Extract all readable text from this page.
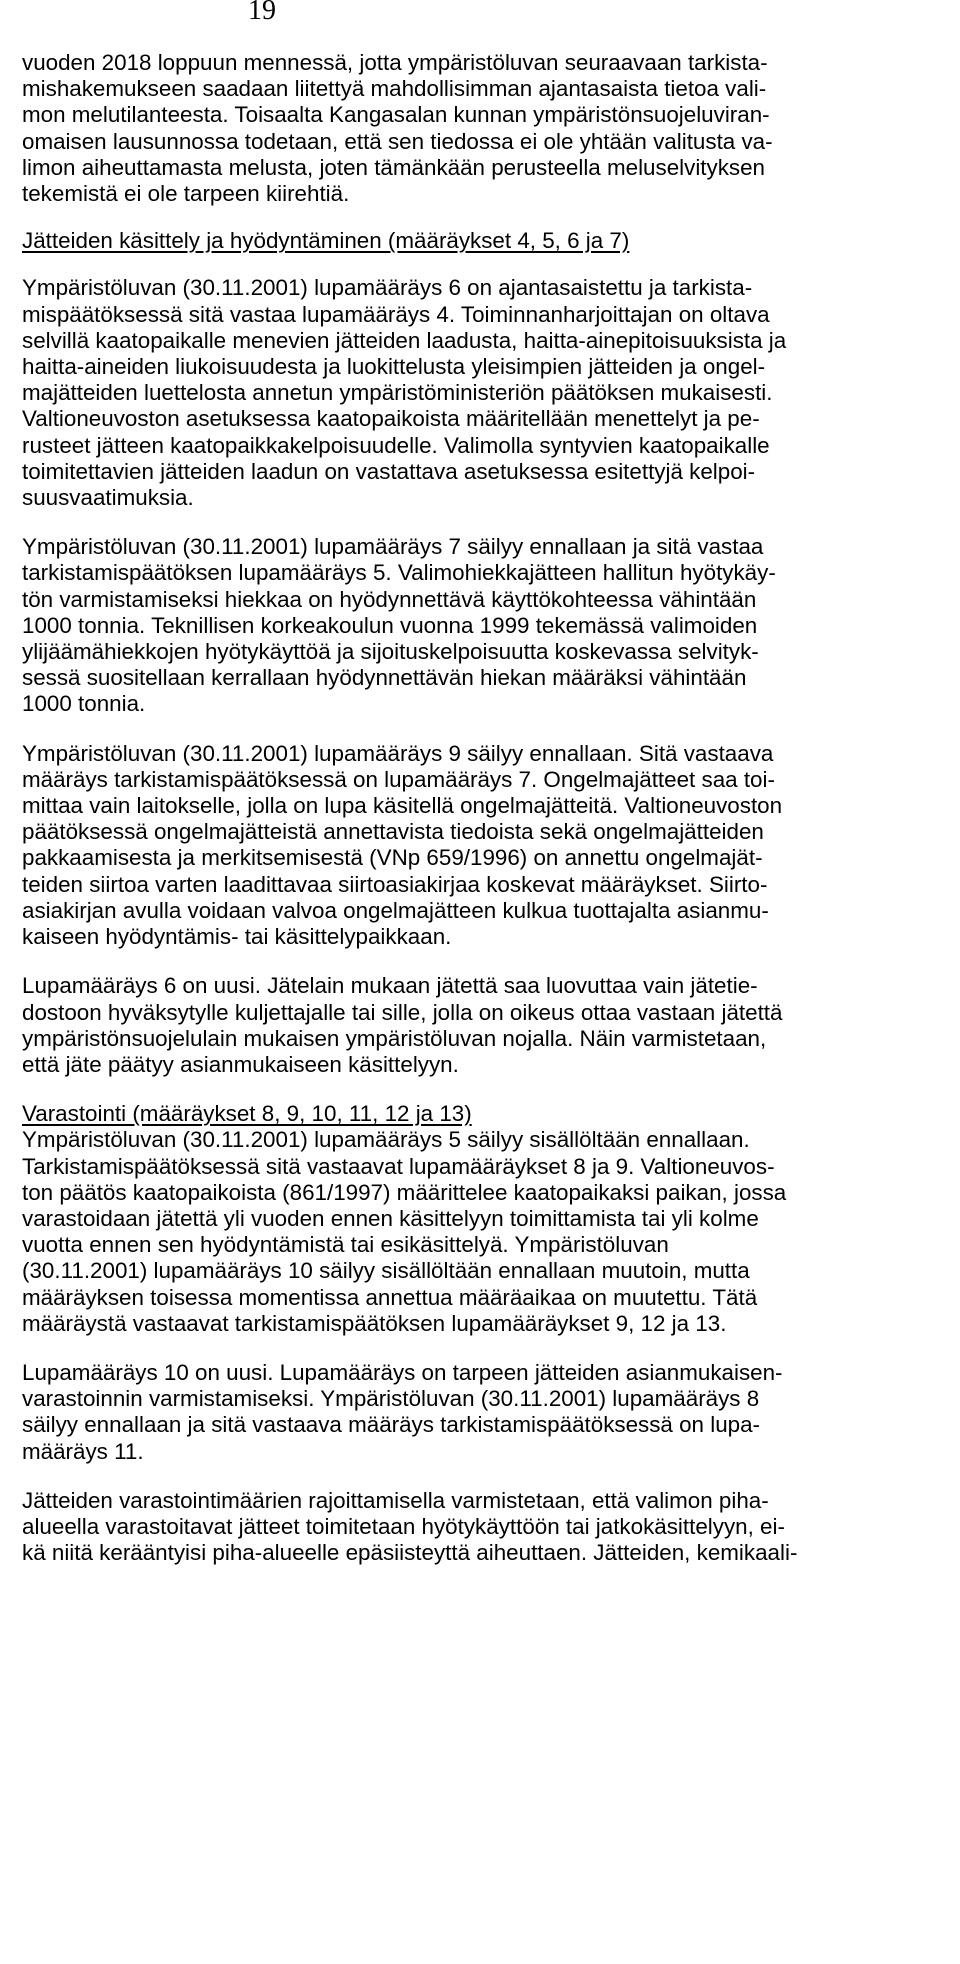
19

vuoden 2018 loppuun mennessä, jotta ympäristöluvan seuraavaan tarkista-
mishakemukseen saadaan liitettyä mahdollisimman ajantasaista tietoa vali-
mon melutilanteesta. Toisaalta Kangasalan kunnan ympäristönsuojeluviran-
omaisen lausunnossa todetaan, että sen tiedossa ei ole yhtään valitusta va-
limon aiheuttamasta melusta, joten tämänkään perusteella meluselvityksen
tekemistä ei ole tarpeen kiirehtiä.

Jätteiden käsittely ja hyödyntäminen (määräykset 4, 5, 6 ja 7)

Ympäristöluvan (30.11.2001) lupamääräys 6 on ajantasaistettu ja tarkista-
mispäätöksessä sitä vastaa lupamääräys 4. Toiminnanharjoittajan on oltava
selvillä kaatopaikalle menevien jätteiden laadusta, haitta-ainepitoisuuksista ja
haitta-aineiden liukoisuudesta ja luokittelusta yleisimpien jätteiden ja ongel-
majätteiden luettelosta annetun ympäristöministeriön päätöksen mukaisesti.
Valtioneuvoston asetuksessa kaatopaikoista määritellään menettelyt ja pe-
rusteet jätteen kaatopaikkakelpoisuudelle. Valimolla syntyvien kaatopaikalle
toimitettavien jätteiden laadun on vastattava asetuksessa esitettyjä kelpoi-
suusvaatimuksia.

Ympäristöluvan (30.11.2001) lupamääräys 7 säilyy ennallaan ja sitä vastaa
tarkistamispäätöksen lupamääräys 5. Valimohiekkajätteen hallitun hyötykäy-
tön varmistamiseksi hiekkaa on hyödynnettävä käyttökohteessa vähintään
1000 tonnia. Teknillisen korkeakoulun vuonna 1999 tekemässä valimoiden
ylijäämähiekkojen hyötykäyttöä ja sijoituskelpoisuutta koskevassa selvityk-
sessä suositellaan kerrallaan hyödynnettävän hiekan määräksi vähintään
1000 tonnia.

Ympäristöluvan (30.11.2001) lupamääräys 9 säilyy ennallaan. Sitä vastaava
määräys tarkistamispäätöksessä on lupamääräys 7. Ongelmajätteet saa toi-
mittaa vain laitokselle, jolla on lupa käsitellä ongelmajätteitä. Valtioneuvoston
päätöksessä ongelmajätteistä annettavista tiedoista sekä ongelmajätteiden
pakkaamisesta ja merkitsemisestä (VNp 659/1996) on annettu ongelmajät-
teiden siirtoa varten laadittavaa siirtoasiakirjaa koskevat määräykset. Siirto-
asiakirjan avulla voidaan valvoa ongelmajätteen kulkua tuottajalta asianmu-
kaiseen hyödyntämis- tai käsittelypaikkaan.

Lupamääräys 6 on uusi. Jätelain mukaan jätettä saa luovuttaa vain jätetie-
dostoon hyväksytylle kuljettajalle tai sille, jolla on oikeus ottaa vastaan jätettä
ympäristönsuojelulain mukaisen ympäristöluvan nojalla. Näin varmistetaan,
että jäte päätyy asianmukaiseen käsittelyyn.

Varastointi (määräykset 8, 9, 10, 11, 12 ja 13)

Ympäristöluvan (30.11.2001) lupamääräys 5 säilyy sisällöltään ennallaan.
Tarkistamispäätöksessä sitä vastaavat lupamääräykset 8 ja 9. Valtioneuvos-
ton päätös kaatopaikoista (861/1997) määrittelee kaatopaikaksi paikan, jossa
varastoidaan jätettä yli vuoden ennen käsittelyyn toimittamista tai yli kolme
vuotta ennen sen hyödyntämistä tai esikäsittelyä. Ympäristöluvan
(30.11.2001) lupamääräys 10 säilyy sisällöltään ennallaan muutoin, mutta
määräyksen toisessa momentissa annettua määräaikaa on muutettu. Tätä
määräystä vastaavat tarkistamispäätöksen lupamääräykset 9, 12 ja 13.

Lupamääräys 10 on uusi. Lupamääräys on tarpeen jätteiden asianmukaisen-
varastoinnin varmistamiseksi. Ympäristöluvan (30.11.2001) lupamääräys 8
säilyy ennallaan ja sitä vastaava määräys tarkistamispäätöksessä on lupa-
määräys 11.

Jätteiden varastointimäärien rajoittamisella varmistetaan, että valimon piha-
alueella varastoitavat jätteet toimitetaan hyötykäyttöön tai jatkokäsittelyyn, ei-
kä niitä kerääntyisi piha-alueelle epäsiisteyttä aiheuttaen. Jätteiden, kemikaali-
